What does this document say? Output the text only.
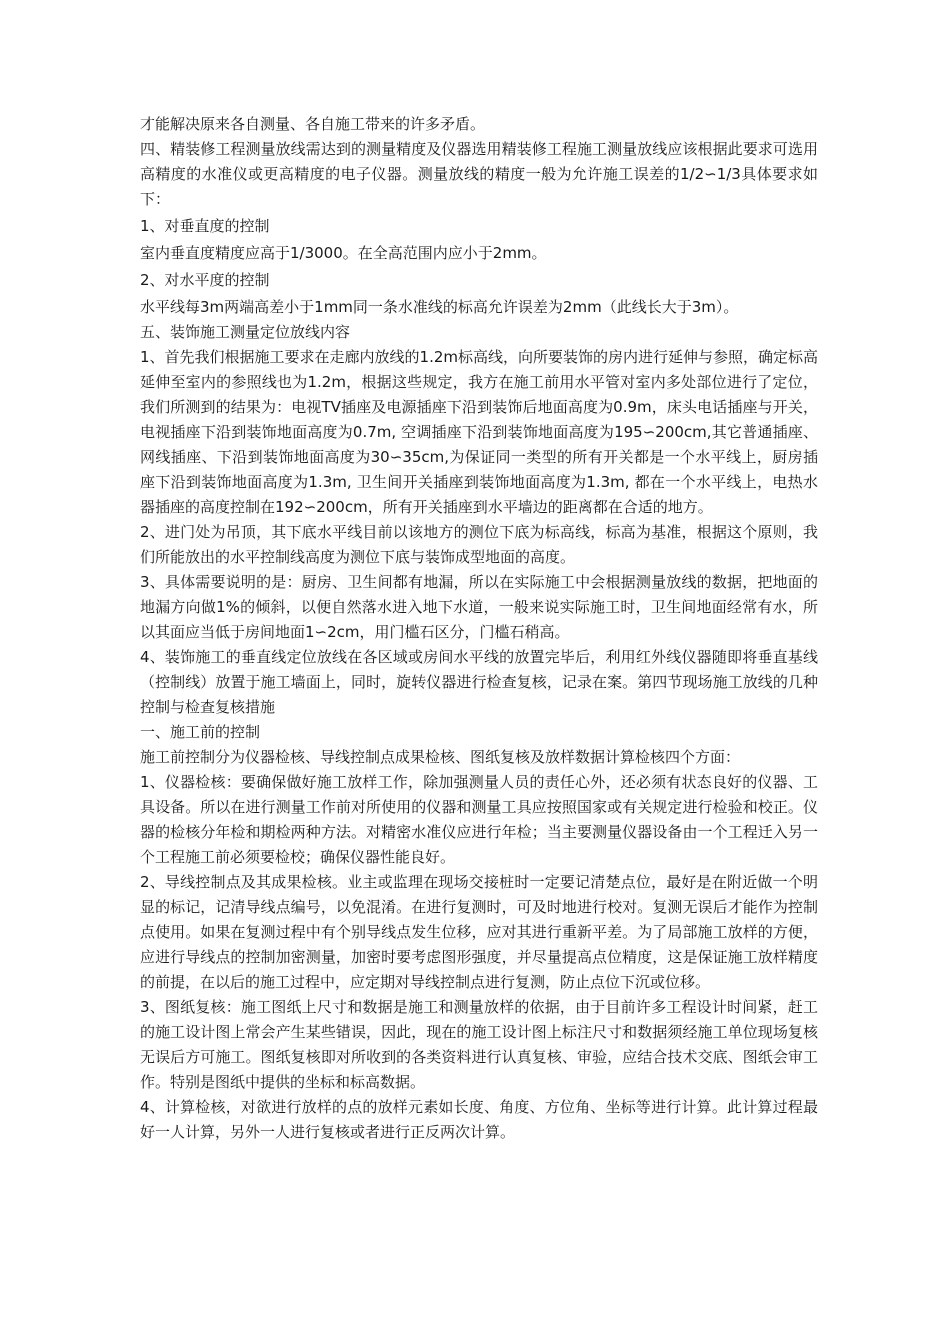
才能解决原来各自测量、各自施工带来的许多矛盾。

四、精装修工程测量放线需达到的测量精度及仪器选用精装修工程施工测量放线应该根据此要求可选用高精度的水准仪或更高精度的电子仪器。测量放线的精度一般为允许施工误差的1/2∽1/3具体要求如下：

1、对垂直度的控制

室内垂直度精度应高于1/3000。在全高范围内应小于2mm。

2、对水平度的控制

水平线每3m两端高差小于1mm同一条水准线的标高允许误差为2mm（此线长大于3m）。

五、装饰施工测量定位放线内容

1、首先我们根据施工要求在走廊内放线的1.2m标高线，向所要装饰的房内进行延伸与参照，确定标高延伸至室内的参照线也为1.2m，根据这些规定，我方在施工前用水平管对室内多处部位进行了定位，我们所测到的结果为：电视TV插座及电源插座下沿到装饰后地面高度为0.9m，床头电话插座与开关，电视插座下沿到装饰地面高度为0.7m, 空调插座下沿到装饰地面高度为195∽200cm,其它普通插座、网线插座、下沿到装饰地面高度为30∽35cm,为保证同一类型的所有开关都是一个水平线上，厨房插座下沿到装饰地面高度为1.3m, 卫生间开关插座到装饰地面高度为1.3m, 都在一个水平线上，电热水器插座的高度控制在192∽200cm，所有开关插座到水平墙边的距离都在合适的地方。

2、进门处为吊顶，其下底水平线目前以该地方的测位下底为标高线，标高为基准，根据这个原则，我们所能放出的水平控制线高度为测位下底与装饰成型地面的高度。

3、具体需要说明的是：厨房、卫生间都有地漏，所以在实际施工中会根据测量放线的数据，把地面的地漏方向做1%的倾斜，以便自然落水进入地下水道，一般来说实际施工时，卫生间地面经常有水，所以其面应当低于房间地面1∽2cm，用门槛石区分，门槛石稍高。

4、装饰施工的垂直线定位放线在各区域或房间水平线的放置完毕后，利用红外线仪器随即将垂直基线（控制线）放置于施工墙面上，同时，旋转仪器进行检查复核，记录在案。第四节现场施工放线的几种控制与检查复核措施

一、施工前的控制

施工前控制分为仪器检核、导线控制点成果检核、图纸复核及放样数据计算检核四个方面：

1、仪器检核：要确保做好施工放样工作，除加强测量人员的责任心外，还必须有状态良好的仪器、工具设备。所以在进行测量工作前对所使用的仪器和测量工具应按照国家或有关规定进行检验和校正。仪器的检核分年检和期检两种方法。对精密水准仪应进行年检；当主要测量仪器设备由一个工程迁入另一个工程施工前必须要检校；确保仪器性能良好。

2、导线控制点及其成果检核。业主或监理在现场交接桩时一定要记清楚点位，最好是在附近做一个明显的标记，记清导线点编号，以免混淆。在进行复测时，可及时地进行校对。复测无误后才能作为控制点使用。如果在复测过程中有个别导线点发生位移，应对其进行重新平差。为了局部施工放样的方便，应进行导线点的控制加密测量，加密时要考虑图形强度，并尽量提高点位精度，这是保证施工放样精度的前提，在以后的施工过程中，应定期对导线控制点进行复测，防止点位下沉或位移。

3、图纸复核：施工图纸上尺寸和数据是施工和测量放样的依据，由于目前许多工程设计时间紧，赶工的施工设计图上常会产生某些错误，因此，现在的施工设计图上标注尺寸和数据须经施工单位现场复核无误后方可施工。图纸复核即对所收到的各类资料进行认真复核、审验，应结合技术交底、图纸会审工作。特别是图纸中提供的坐标和标高数据。

4、计算检核，对欲进行放样的点的放样元素如长度、角度、方位角、坐标等进行计算。此计算过程最好一人计算，另外一人进行复核或者进行正反两次计算。
